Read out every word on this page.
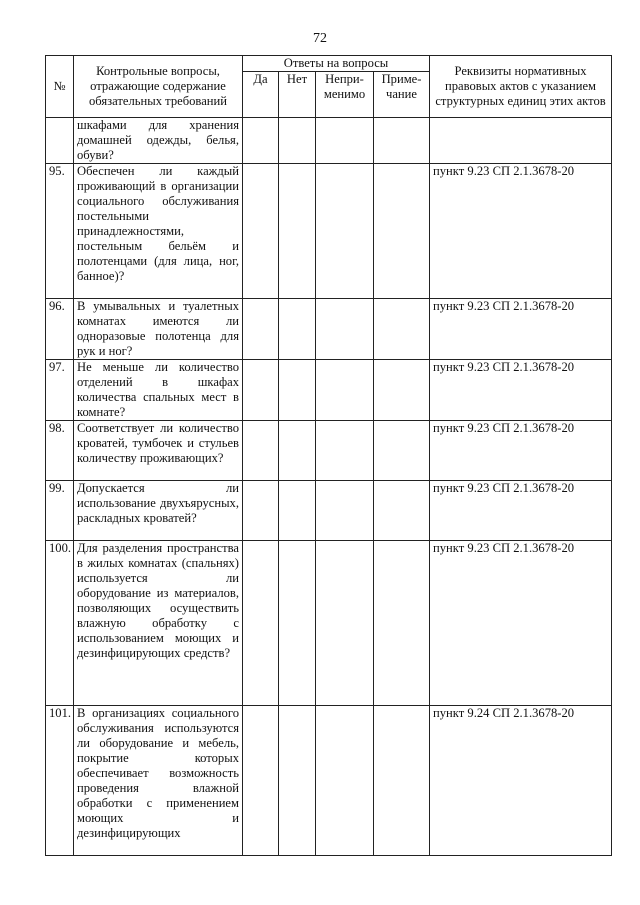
72
№	Контрольные вопросы, отражающие содержание обязательных требований	Ответы на вопросы				Реквизиты нормативных правовых актов с указанием структурных единиц этих актов
		Да	Нет	Непри-менимо	Приме-чание	
	шкафами для хранения домашней одежды, белья, обуви?					
95.	Обеспечен ли каждый проживающий в организации социального обслуживания постельными принадлежностями, постельным бельём и полотенцами (для лица, ног, банное)?					пункт 9.23 СП 2.1.3678-20
96.	В умывальных и туалетных комнатах имеются ли одноразовые полотенца для рук и ног?					пункт 9.23 СП 2.1.3678-20
97.	Не меньше ли количество отделений в шкафах количества спальных мест в комнате?					пункт 9.23 СП 2.1.3678-20
98.	Соответствует ли количество кроватей, тумбочек и стульев количеству проживающих?					пункт 9.23 СП 2.1.3678-20
99.	Допускается ли использование двухъярусных, раскладных кроватей?					пункт 9.23 СП 2.1.3678-20
100.	Для разделения пространства в жилых комнатах (спальнях) используется ли оборудование из материалов, позволяющих осуществить влажную обработку с использованием моющих и дезинфицирующих средств?					пункт 9.23 СП 2.1.3678-20
101.	В организациях социального обслуживания используются ли оборудование и мебель, покрытие которых обеспечивает возможность проведения влажной обработки с применением моющих и дезинфицирующих					пункт 9.24 СП 2.1.3678-20
